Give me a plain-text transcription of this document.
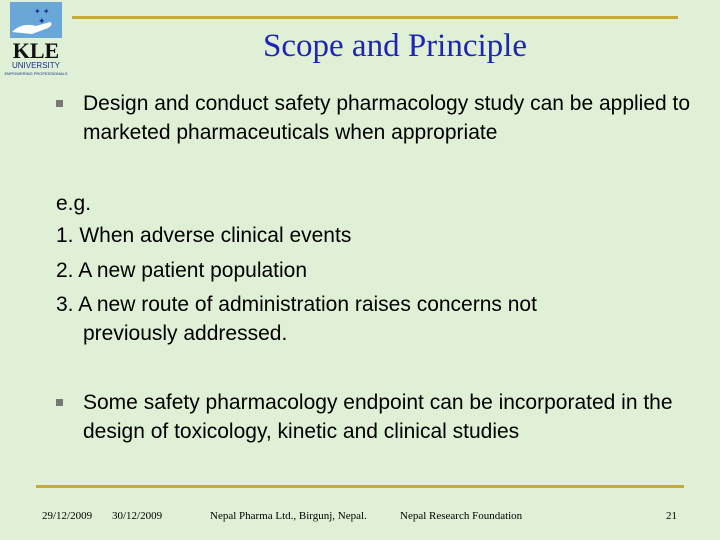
✦ ✦
✦
KLE
UNIVERSITY
EMPOWERING PROFESSIONALS
Scope and Principle
Design and conduct safety pharmacology study can be applied to marketed pharmaceuticals when appropriate
e.g.
1. When adverse clinical events
2. A new patient population
3. A new route of administration raises concerns not
previously addressed.
Some safety pharmacology endpoint can be incorporated in the design of toxicology, kinetic and clinical studies
29/12/2009 30/12/2009	Nepal Pharma Ltd., Birgunj, Nepal.	Nepal Research Foundation	21
